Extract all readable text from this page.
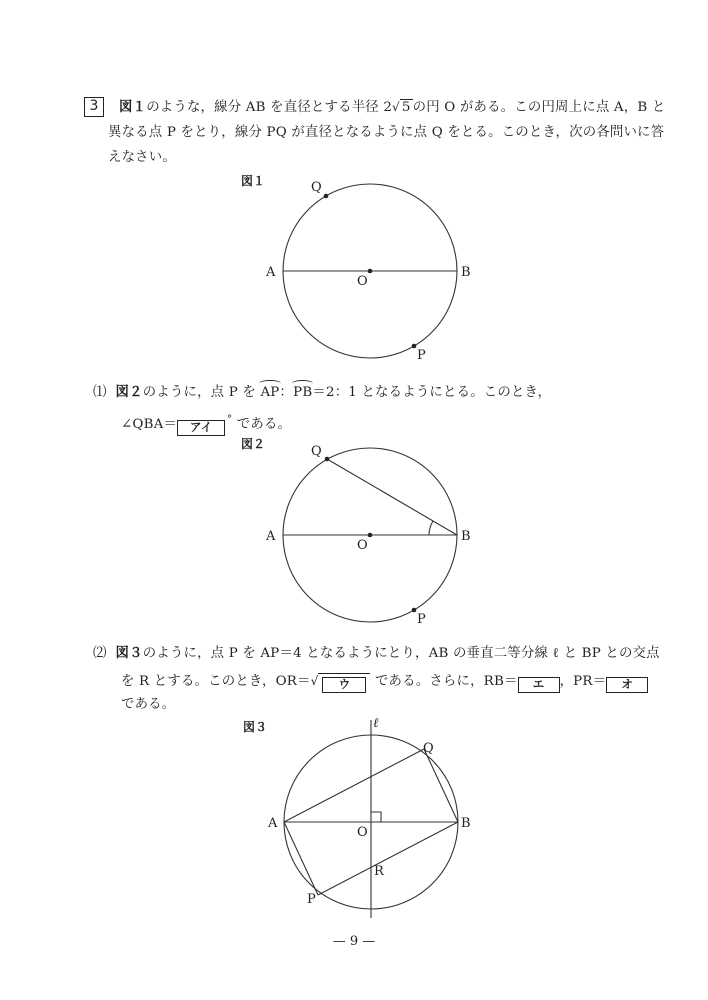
3	図１のような，線分 AB を直径とする半径 2√ 5 の円 O がある。この円周上に点 A，B と
異なる点 P をとり，線分 PQ が直径となるように点 Q をとる。このとき，次の各問いに答
えなさい。
図１
図２
図３
⑴ 図２のように，点 P を AP：PB＝2：1 となるようにとる。このとき，
∠QBA＝ アイ° である。
⑵ 図３のように，点 P を AP＝4 となるようにとり，AB の垂直二等分線 ℓ と BP との交点
を R とする。このとき，OR＝√ ウ である。さらに，RB＝ エ ，PR＝ オ
である。
Q
A
O
B
P
Q
A
O
B
P
ℓ
Q
A
O
B
R
P
— 9 —
